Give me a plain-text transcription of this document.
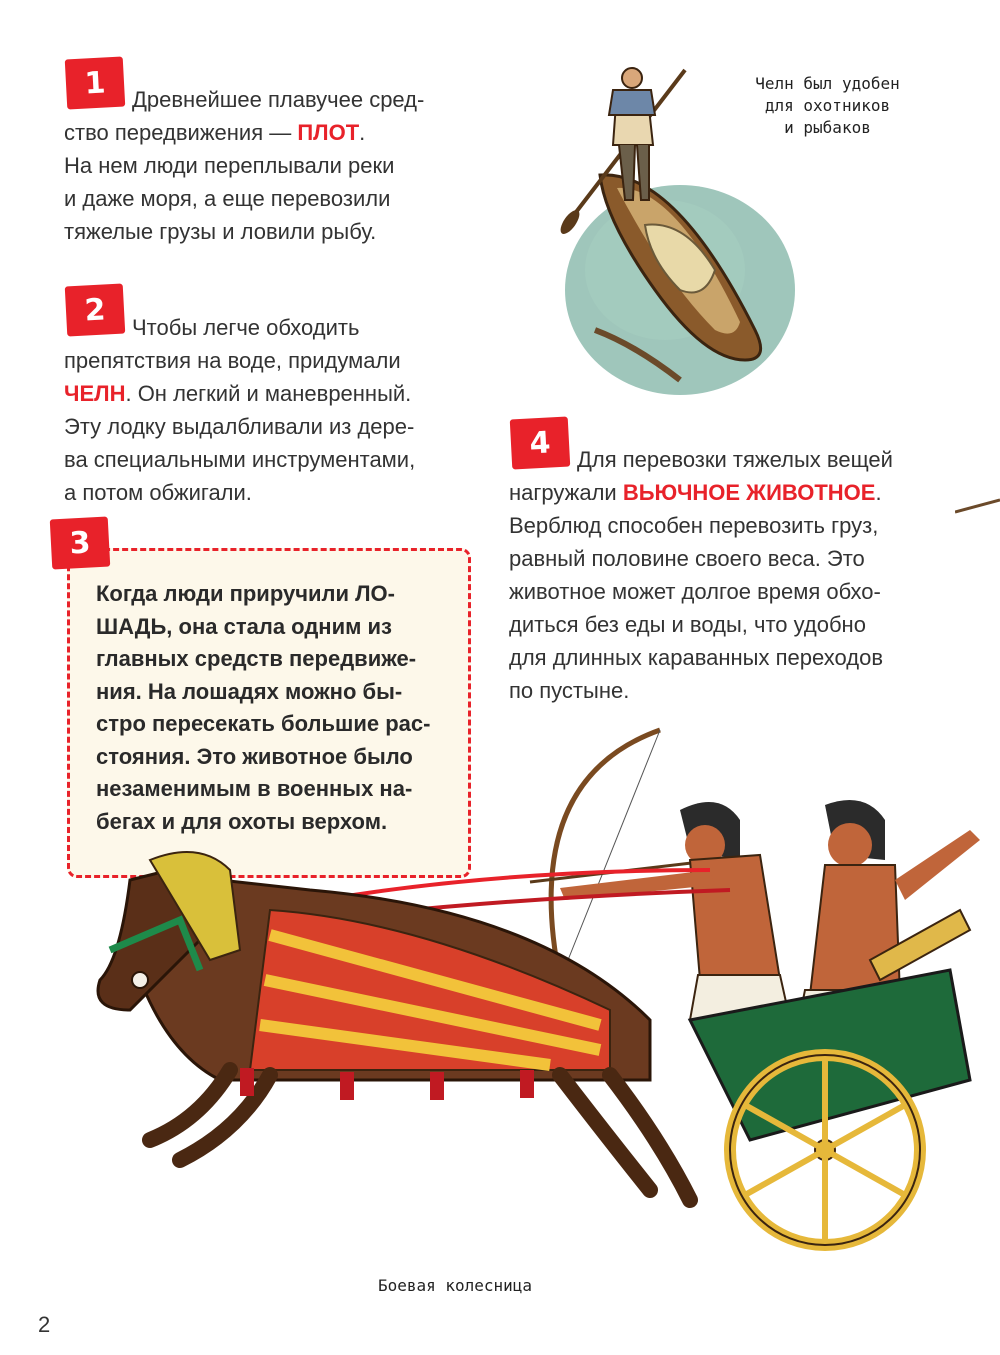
1	Древнейшее плавучее сред-

ство передвижения — ПЛОТ.

На нем люди переплывали реки

и даже моря, а еще перевозили

тяжелые грузы и ловили рыбу.

2	Чтобы легче обходить

препятствия на воде, придумали

ЧЕЛН. Он легкий и маневренный.

Эту лодку выдалбливали из дере-

ва специальными инструментами,

а потом обжигали.

Когда люди приручили ЛО-

ШАДЬ, она стала одним из

главных средств передвиже-

ния. На лошадях можно бы-

стро пересекать большие рас-

стояния. Это животное было

незаменимым в военных на-

бегах и для охоты верхом.

3
4	Для перевозки тяжелых вещей

нагружали ВЬЮЧНОЕ ЖИВОТНОЕ.

Верблюд способен перевозить груз,

равный половине своего веса. Это

животное может долгое время обхо-

диться без еды и воды, что удобно

для длинных караванных переходов

по пустыне.

Челн был удобен

для охотников

и рыбаков

Боевая колесница
2
